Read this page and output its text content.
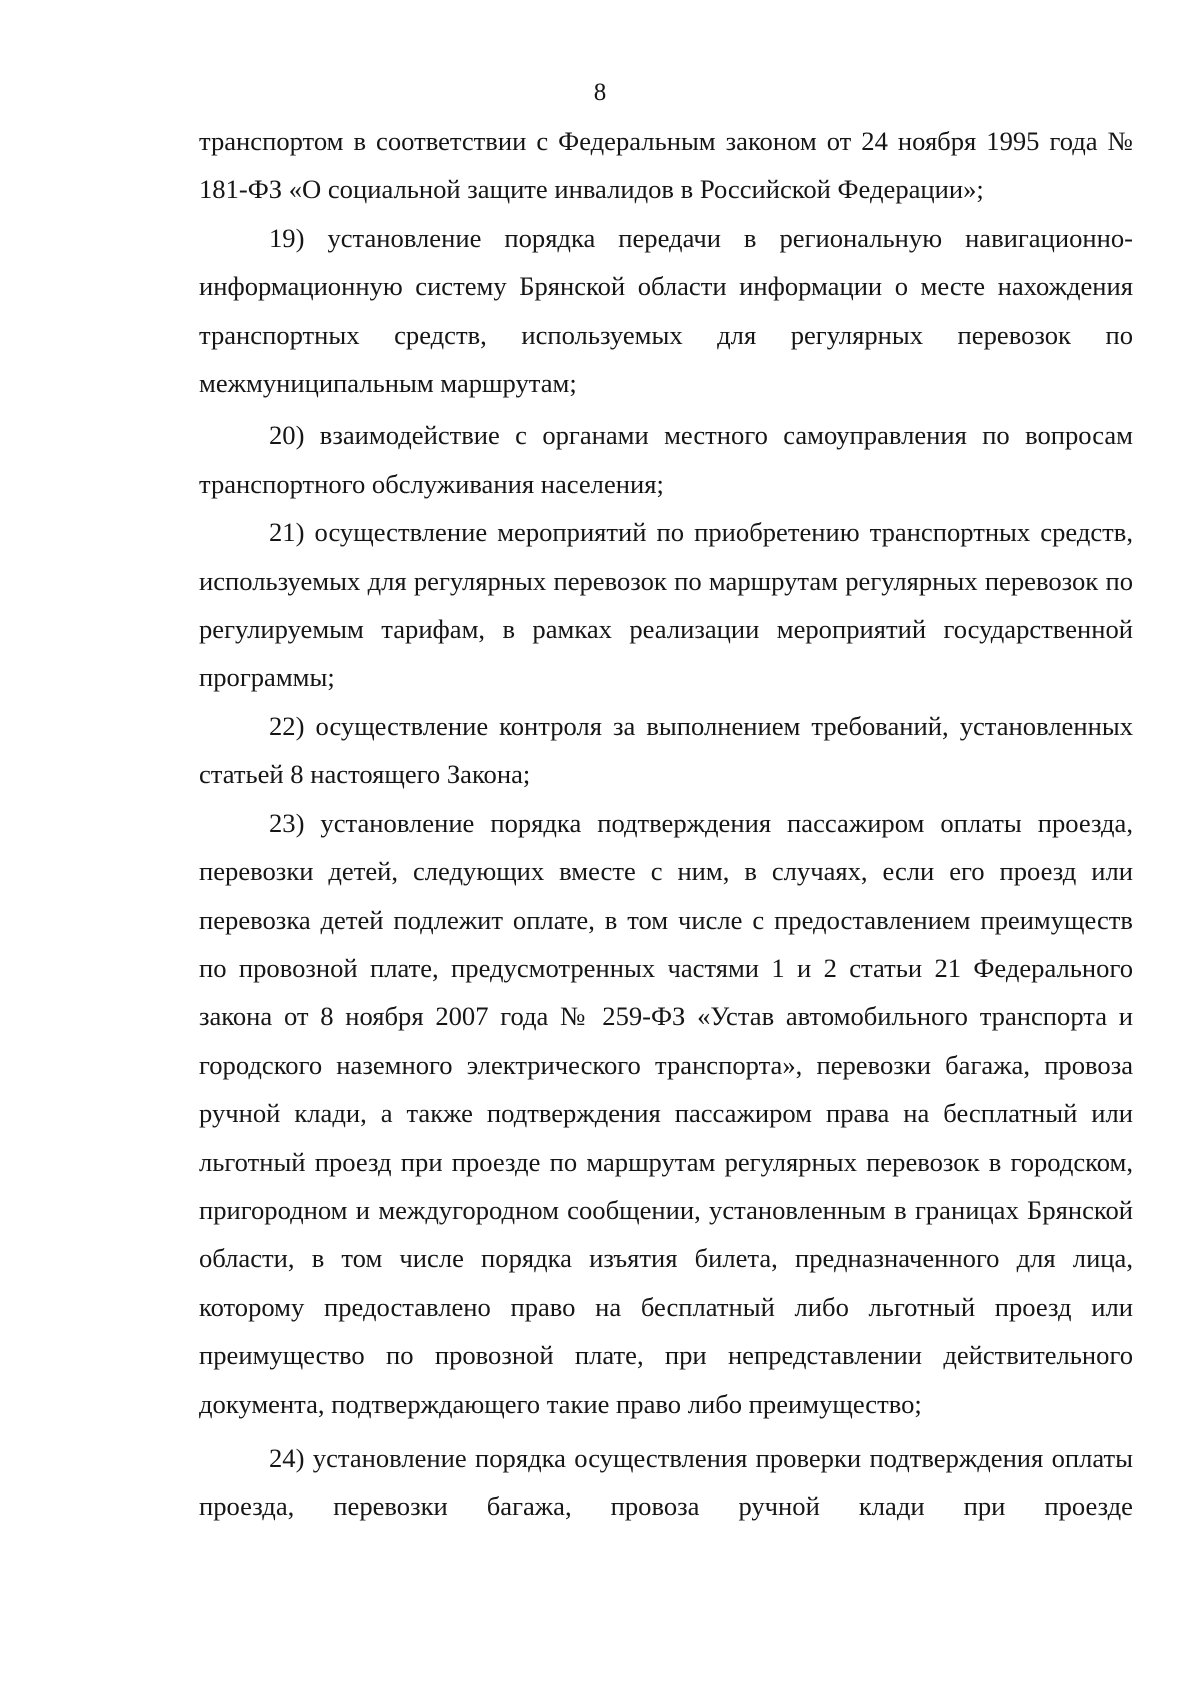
8

транспортом в соответствии с Федеральным законом от 24 ноября 1995 года № 181-ФЗ «О социальной защите инвалидов в Российской Федерации»;

19) установление порядка передачи в региональную навигационно-информационную систему Брянской области информации о месте нахождения транспортных средств, используемых для регулярных перевозок по межмуниципальным маршрутам;

20) взаимодействие с органами местного самоуправления по вопросам транспортного обслуживания населения;

21) осуществление мероприятий по приобретению транспортных средств, используемых для регулярных перевозок по маршрутам регулярных перевозок по регулируемым тарифам, в рамках реализации мероприятий государственной программы;

22) осуществление контроля за выполнением требований, установленных статьей 8 настоящего Закона;

23) установление порядка подтверждения пассажиром оплаты проезда, перевозки детей, следующих вместе с ним, в случаях, если его проезд или перевозка детей подлежит оплате, в том числе с предоставлением преимуществ по провозной плате, предусмотренных частями 1 и 2 статьи 21 Федерального закона от 8 ноября 2007 года № 259-ФЗ «Устав автомобильного транспорта и городского наземного электрического транспорта», перевозки багажа, провоза ручной клади, а также подтверждения пассажиром права на бесплатный или льготный проезд при проезде по маршрутам регулярных перевозок в городском, пригородном и междугородном сообщении, установленным в границах Брянской области, в том числе порядка изъятия билета, предназначенного для лица, которому предоставлено право на бесплатный либо льготный проезд или преимущество по провозной плате, при непредставлении действительного документа, подтверждающего такие право либо преимущество;

24) установление порядка осуществления проверки подтверждения оплаты проезда, перевозки багажа, провоза ручной клади при проезде
